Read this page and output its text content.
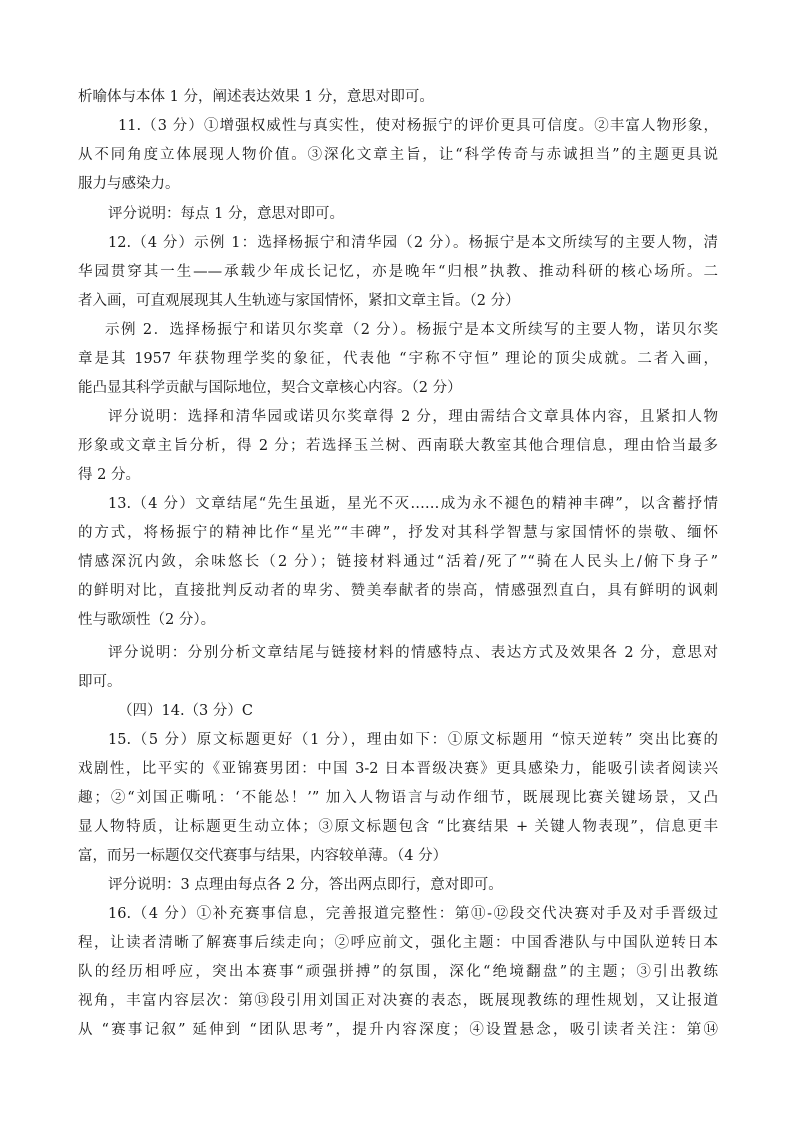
析喻体与本体 1 分，阐述表达效果 1 分，意思对即可。
11.（3 分）①增强权威性与真实性，使对杨振宁的评价更具可信度。②丰富人物形象，
从不同角度立体展现人物价值。③深化文章主旨，让“科学传奇与赤诚担当”的主题更具说
服力与感染力。
评分说明：每点 1 分，意思对即可。
12.（4 分）示例 1：选择杨振宁和清华园（2 分）。杨振宁是本文所续写的主要人物，清
华园贯穿其一生——承载少年成长记忆，亦是晚年“归根”执教、推动科研的核心场所。二
者入画，可直观展现其人生轨迹与家国情怀，紧扣文章主旨。（2 分）
示例 2．选择杨振宁和诺贝尔奖章（2 分）。杨振宁是本文所续写的主要人物，诺贝尔奖
章是其 1957 年获物理学奖的象征，代表他 “宇称不守恒” 理论的顶尖成就。二者入画，
能凸显其科学贡献与国际地位，契合文章核心内容。（2 分）
评分说明：选择和清华园或诺贝尔奖章得 2 分，理由需结合文章具体内容，且紧扣人物
形象或文章主旨分析，得 2 分；若选择玉兰树、西南联大教室其他合理信息，理由恰当最多
得 2 分。
13.（4 分）文章结尾“先生虽逝，星光不灭……成为永不褪色的精神丰碑”，以含蓄抒情
的方式，将杨振宁的精神比作“星光”“丰碑”，抒发对其科学智慧与家国情怀的崇敬、缅怀
情感深沉内敛，余味悠长（2 分）；链接材料通过“活着/死了”“骑在人民头上/俯下身子”
的鲜明对比，直接批判反动者的卑劣、赞美奉献者的崇高，情感强烈直白，具有鲜明的讽刺
性与歌颂性（2 分）。
评分说明：分别分析文章结尾与链接材料的情感特点、表达方式及效果各 2 分，意思对
即可。
（四）14.（3 分）C
15.（5 分）原文标题更好（1 分），理由如下：①原文标题用 “惊天逆转” 突出比赛的
戏剧性，比平实的《亚锦赛男团：中国 3-2 日本晋级决赛》更具感染力，能吸引读者阅读兴
趣；②“刘国正嘶吼：‘不能怂！’” 加入人物语言与动作细节，既展现比赛关键场景，又凸
显人物特质，让标题更生动立体；③原文标题包含 “比赛结果 + 关键人物表现”，信息更丰
富，而另一标题仅交代赛事与结果，内容较单薄。（4 分）
评分说明：3 点理由每点各 2 分，答出两点即行，意对即可。
16.（4 分）①补充赛事信息，完善报道完整性：第⑪-⑫段交代决赛对手及对手晋级过
程，让读者清晰了解赛事后续走向；②呼应前文，强化主题：中国香港队与中国队逆转日本
队的经历相呼应，突出本赛事“顽强拼搏”的氛围，深化“绝境翻盘”的主题；③引出教练
视角，丰富内容层次：第⑬段引用刘国正对决赛的表态，既展现教练的理性规划，又让报道
从 “赛事记叙” 延伸到 “团队思考”，提升内容深度；④设置悬念，吸引读者关注：第⑭
